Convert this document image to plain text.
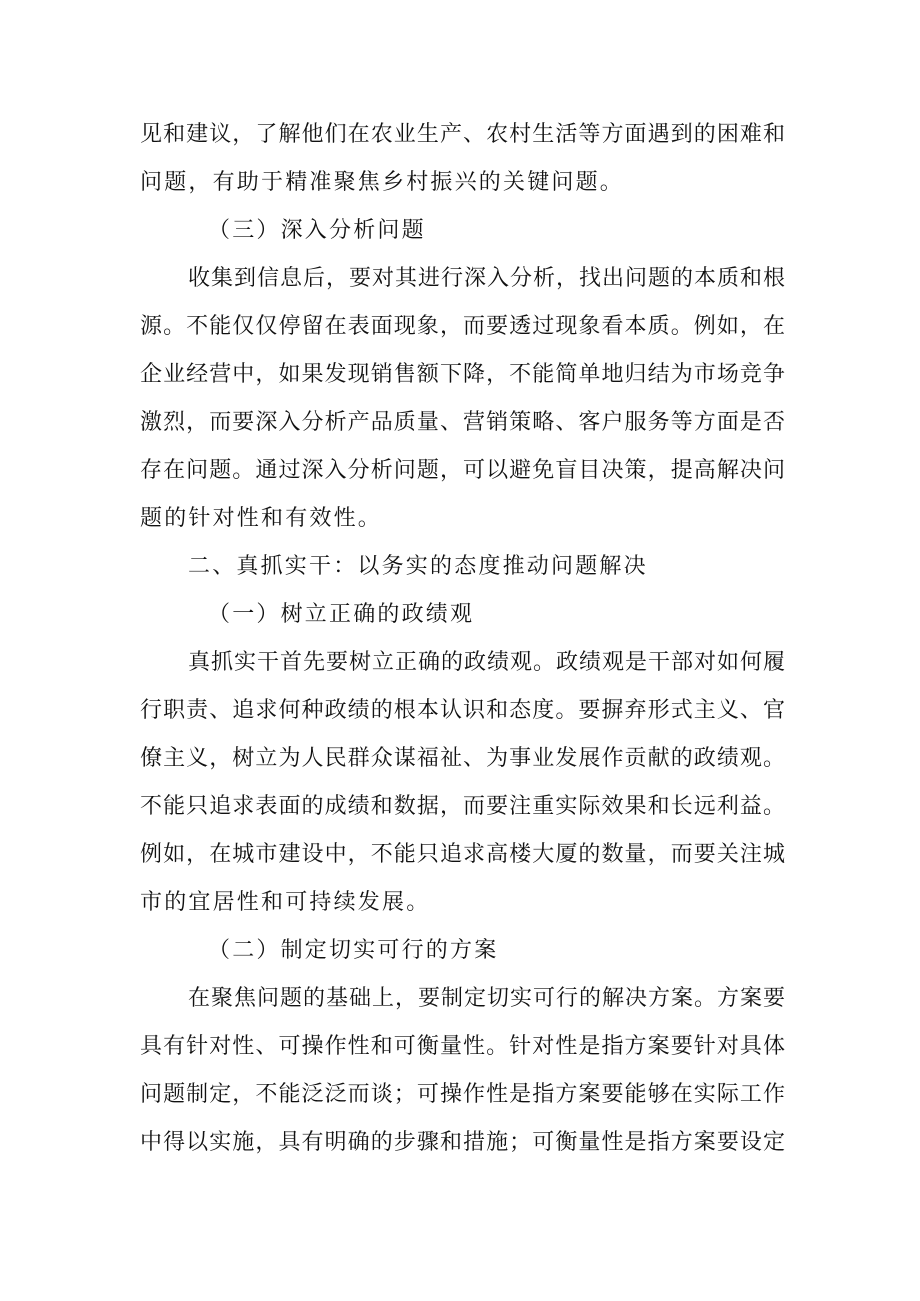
见和建议，了解他们在农业生产、农村生活等方面遇到的困难和
问题，有助于精准聚焦乡村振兴的关键问题。
（三）深入分析问题
收集到信息后，要对其进行深入分析，找出问题的本质和根
源。不能仅仅停留在表面现象，而要透过现象看本质。例如，在
企业经营中，如果发现销售额下降，不能简单地归结为市场竞争
激烈，而要深入分析产品质量、营销策略、客户服务等方面是否
存在问题。通过深入分析问题，可以避免盲目决策，提高解决问
题的针对性和有效性。
二、真抓实干：以务实的态度推动问题解决
（一）树立正确的政绩观
真抓实干首先要树立正确的政绩观。政绩观是干部对如何履
行职责、追求何种政绩的根本认识和态度。要摒弃形式主义、官
僚主义，树立为人民群众谋福祉、为事业发展作贡献的政绩观。
不能只追求表面的成绩和数据，而要注重实际效果和长远利益。
例如，在城市建设中，不能只追求高楼大厦的数量，而要关注城
市的宜居性和可持续发展。
（二）制定切实可行的方案
在聚焦问题的基础上，要制定切实可行的解决方案。方案要
具有针对性、可操作性和可衡量性。针对性是指方案要针对具体
问题制定，不能泛泛而谈；可操作性是指方案要能够在实际工作
中得以实施，具有明确的步骤和措施；可衡量性是指方案要设定
